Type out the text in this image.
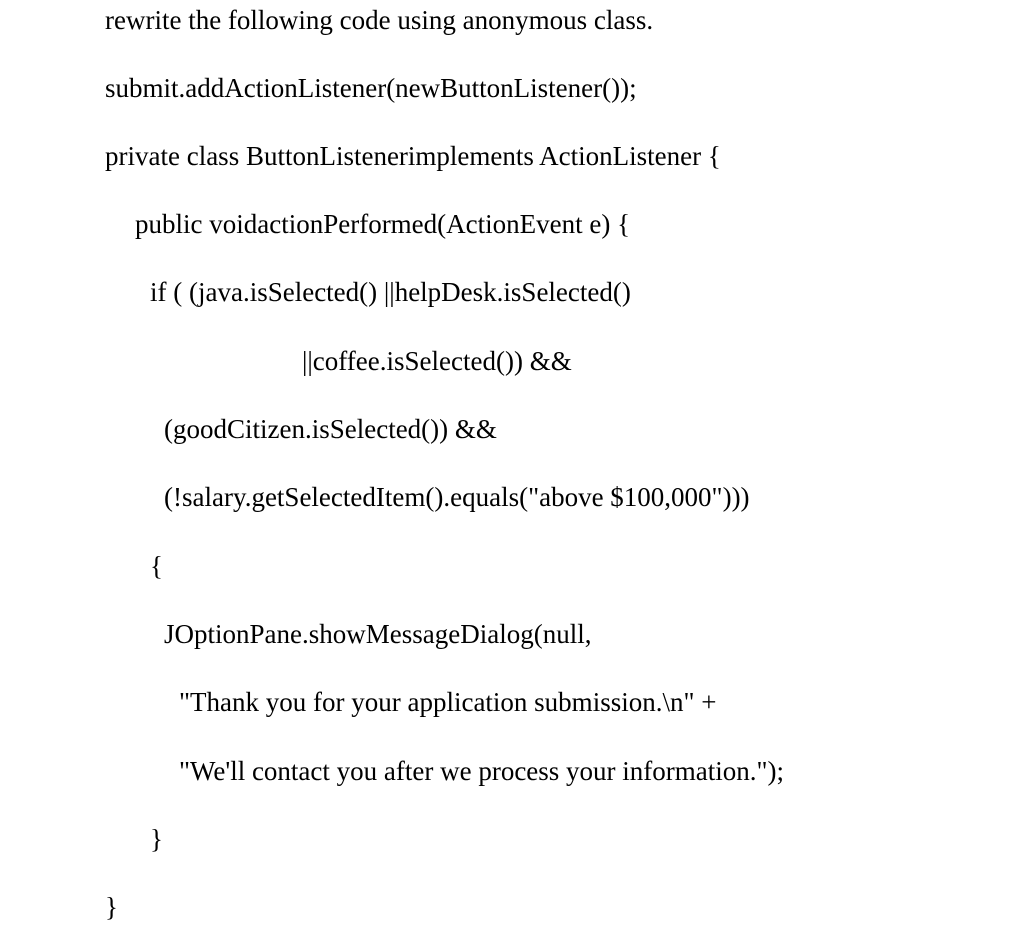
rewrite the following code using anonymous class.

submit.addActionListener(newButtonListener());

private class ButtonListenerimplements ActionListener {

public voidactionPerformed(ActionEvent e) {

if ( (java.isSelected() ||helpDesk.isSelected()

||coffee.isSelected()) &&

(goodCitizen.isSelected()) &&

(!salary.getSelectedItem().equals("above $100,000")))

{

JOptionPane.showMessageDialog(null,

"Thank you for your application submission.\n" +

"We'll contact you after we process your information.");

}

}
